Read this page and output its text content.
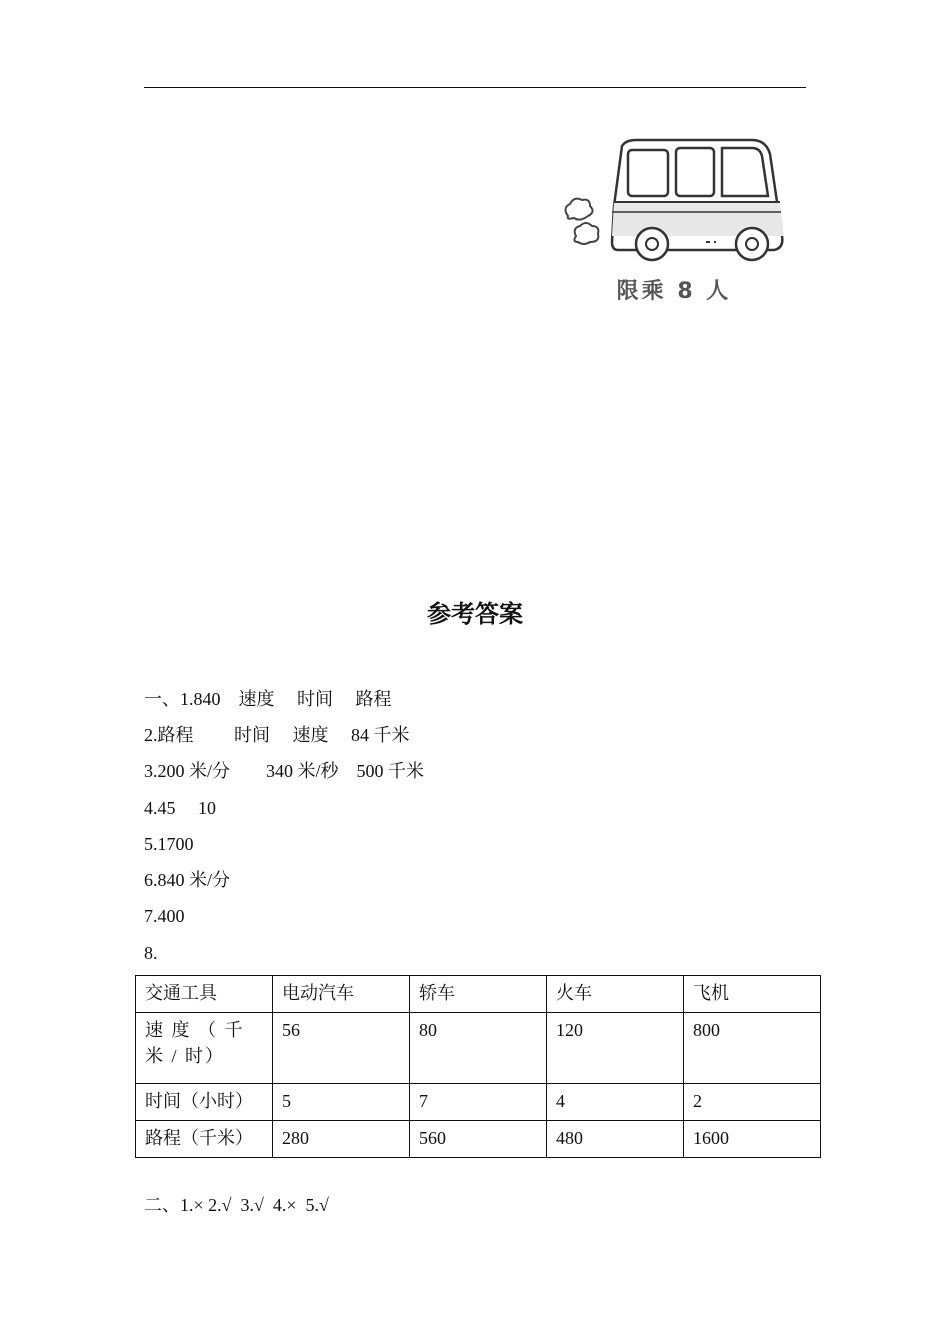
限乘 8 人
参考答案
一、1.840　速度　 时间　 路程
2.路程　　 时间　 速度　 84 千米
3.200 米/分　　340 米/秒　500 千米
4.45　 10
5.1700
6.840 米/分
7.400
8.
交通工具	电动汽车	轿车	火车	飞机
速 度 （ 千 米 / 时）	56	80	120	800
时间（小时）	5	7	4	2
路程（千米）	280	560	480	1600
二、1.× 2.√  3.√  4.×  5.√
